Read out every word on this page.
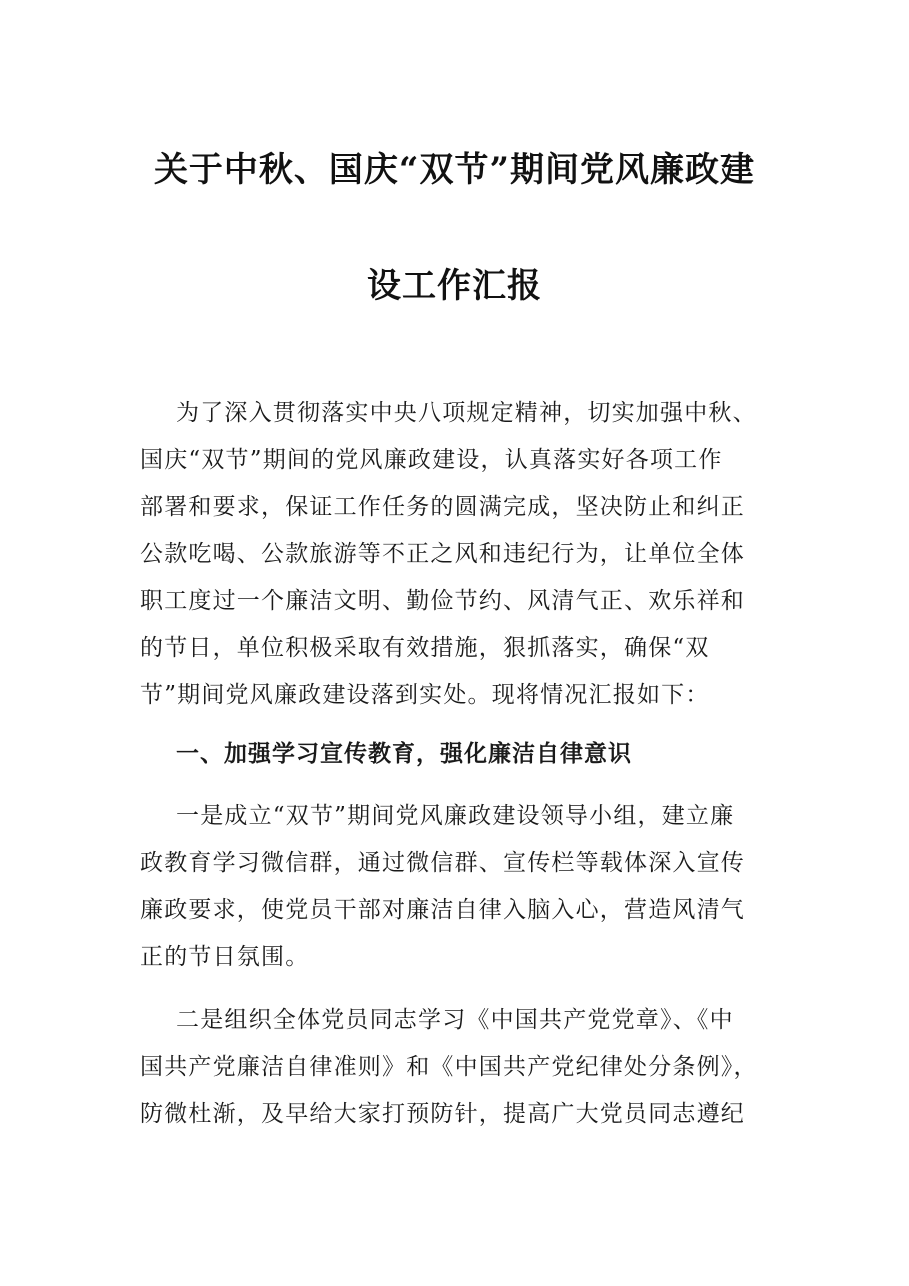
关于中秋、国庆“双节”期间党风廉政建
设工作汇报
为了深入贯彻落实中央八项规定精神，切实加强中秋、
国庆“双节”期间的党风廉政建设，认真落实好各项工作
部署和要求，保证工作任务的圆满完成，坚决防止和纠正
公款吃喝、公款旅游等不正之风和违纪行为，让单位全体
职工度过一个廉洁文明、勤俭节约、风清气正、欢乐祥和
的节日，单位积极采取有效措施，狠抓落实，确保“双
节”期间党风廉政建设落到实处。现将情况汇报如下：
一、加强学习宣传教育，强化廉洁自律意识
一是成立“双节”期间党风廉政建设领导小组，建立廉
政教育学习微信群，通过微信群、宣传栏等载体深入宣传
廉政要求，使党员干部对廉洁自律入脑入心，营造风清气
正的节日氛围。
二是组织全体党员同志学习《中国共产党党章》、《中
国共产党廉洁自律准则》和《中国共产党纪律处分条例》，
防微杜渐，及早给大家打预防针，提高广大党员同志遵纪
